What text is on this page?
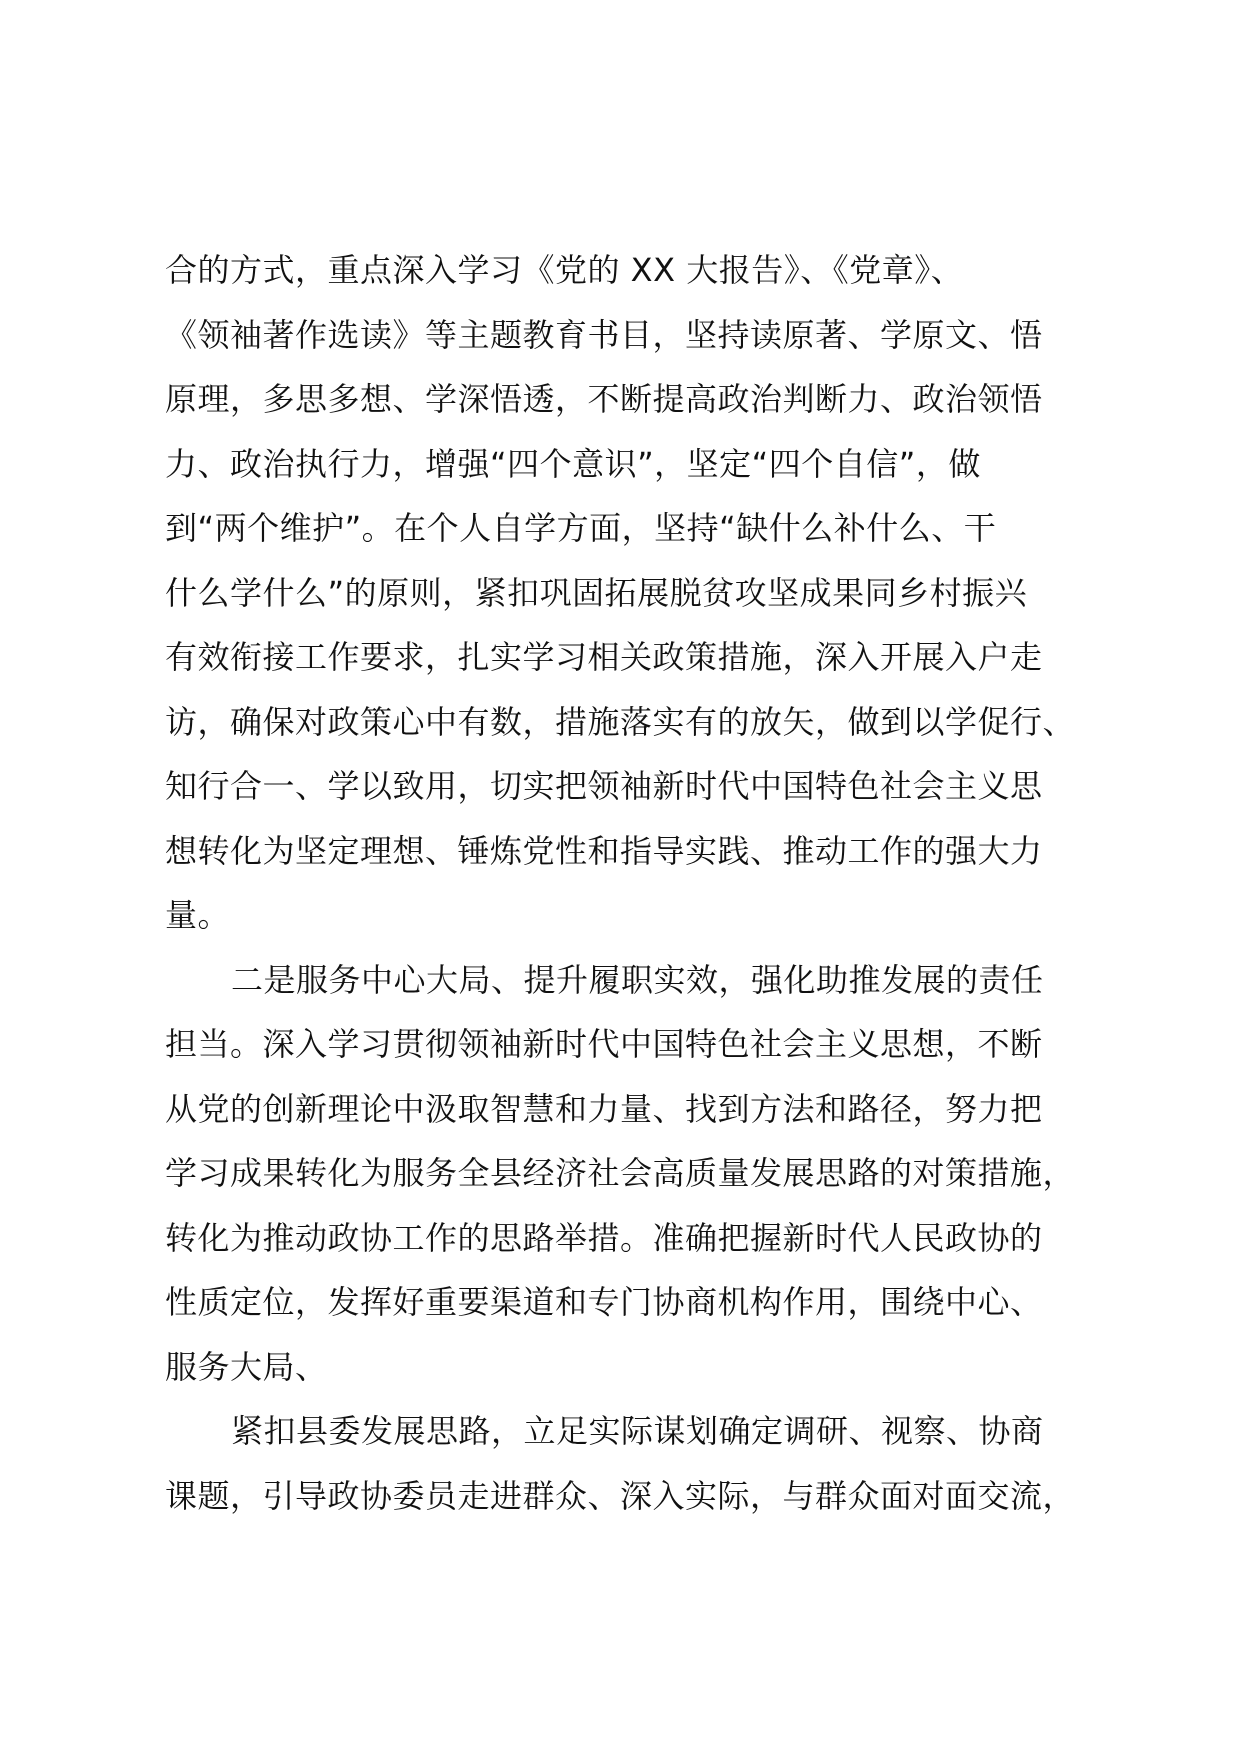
合的方式，重点深入学习《党的 XX 大报告》、《党章》、
《领袖著作选读》等主题教育书目，坚持读原著、学原文、悟
原理，多思多想、学深悟透，不断提高政治判断力、政治领悟
力、政治执行力，增强“四个意识”，坚定“四个自信”，做
到“两个维护”。在个人自学方面，坚持“缺什么补什么、干
什么学什么”的原则，紧扣巩固拓展脱贫攻坚成果同乡村振兴
有效衔接工作要求，扎实学习相关政策措施，深入开展入户走
访，确保对政策心中有数，措施落实有的放矢，做到以学促行、
知行合一、学以致用，切实把领袖新时代中国特色社会主义思
想转化为坚定理想、锤炼党性和指导实践、推动工作的强大力
量。
二是服务中心大局、提升履职实效，强化助推发展的责任
担当。深入学习贯彻领袖新时代中国特色社会主义思想，不断
从党的创新理论中汲取智慧和力量、找到方法和路径，努力把
学习成果转化为服务全县经济社会高质量发展思路的对策措施，
转化为推动政协工作的思路举措。准确把握新时代人民政协的
性质定位，发挥好重要渠道和专门协商机构作用，围绕中心、
服务大局、
紧扣县委发展思路，立足实际谋划确定调研、视察、协商
课题，引导政协委员走进群众、深入实际，与群众面对面交流，
